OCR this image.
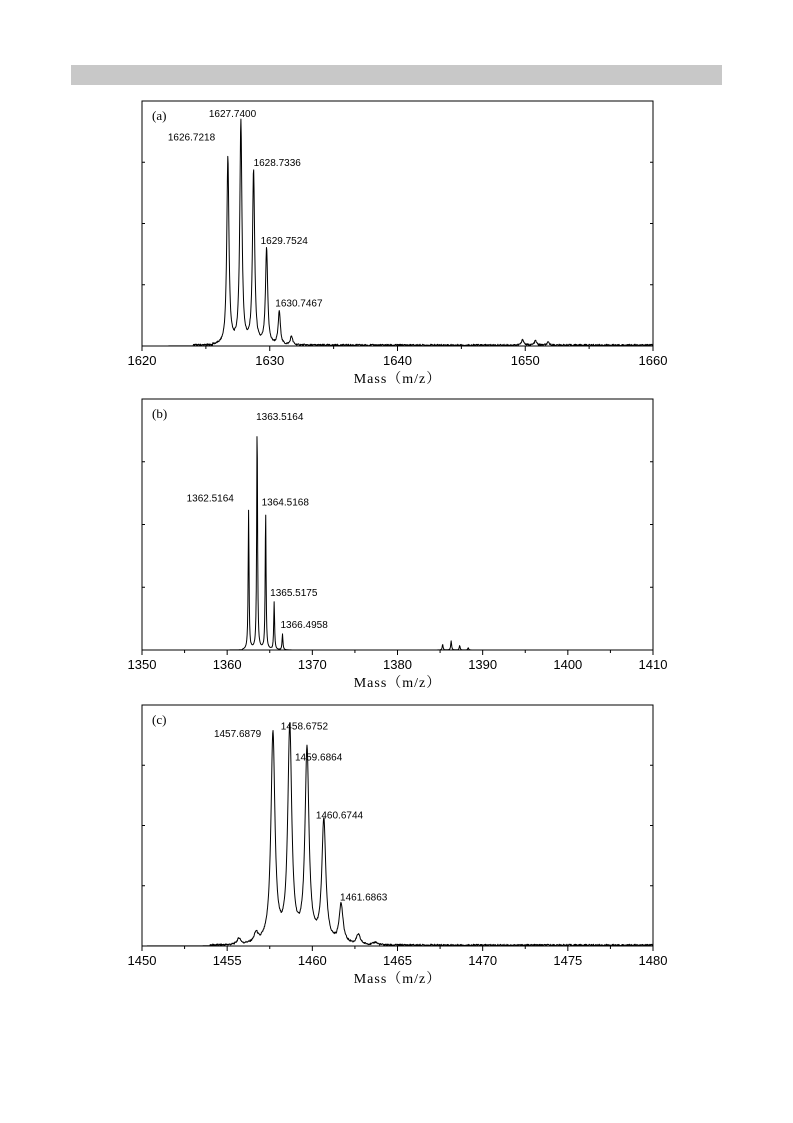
1620	1630	1640	1650	1660
1626.7218
1627.7400
1628.7336
1629.7524
1630.7467
(a)
Mass（m/z）
1350	1360	1370	1380	1390	1400	1410
1362.5164
1363.5164
1364.5168
1365.5175
1366.4958
(b)
Mass（m/z）
1450	1455	1460	1465	1470	1475	1480
1457.6879
1458.6752
1459.6864
1460.6744
1461.6863
(c)
Mass（m/z）
